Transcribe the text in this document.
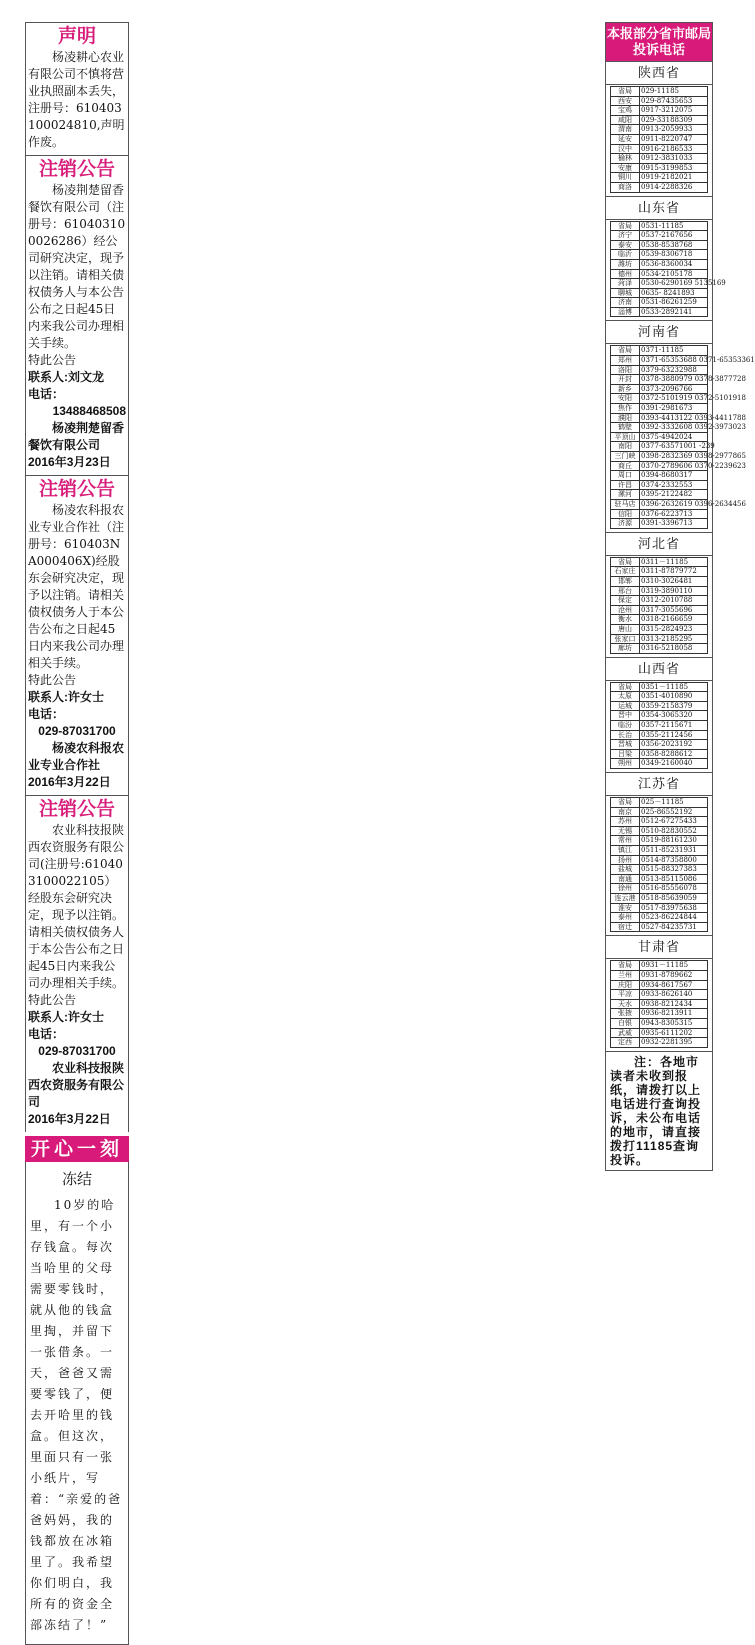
声明

杨凌耕心农业有限公司不慎将营业执照副本丢失，注册号：610403100024810,声明作废。

注销公告

杨凌荆楚留香餐饮有限公司（注册号：610403100026286）经公司研究决定，现予以注销。请相关债权债务人与本公告公布之日起45日内来我公司办理相关手续。

特此公告

联系人:刘文龙

电话：

13488468508

杨凌荆楚留香餐饮有限公司

2016年3月23日

注销公告

杨凌农科报农业专业合作社（注册号：610403NA000406X)经股东会研究决定，现予以注销。请相关债权债务人于本公告公布之日起45日内来我公司办理相关手续。

特此公告

联系人:许女士

电话：

029-87031700

杨凌农科报农业专业合作社

2016年3月22日

注销公告

农业科技报陕西农资服务有限公司(注册号:610403100022105）经股东会研究决定，现予以注销。请相关债权债务人于本公告公布之日起45日内来我公司办理相关手续。

特此公告

联系人:许女士

电话：

029-87031700

农业科技报陕西农资服务有限公司

2016年3月22日

开心一刻

冻结

10岁的哈里，有一个小存钱盒。每次当哈里的父母需要零钱时，就从他的钱盒里掏，并留下一张借条。一天，爸爸又需要零钱了，便去开哈里的钱盒。但这次，里面只有一张小纸片，写着：“亲爱的爸爸妈妈，我的钱都放在冰箱里了。我希望你们明白，我所有的资金全部冻结了！”

本报部分省市邮局投诉电话
陕西省
省局	029-11185
西安	029-87435653
宝鸡	0917-3212075
咸阳	029-33188309
渭南	0913-2059933
延安	0911-8220747
汉中	0916-2186533
榆林	0912-3831033
安康	0915-3199853
铜川	0919-2182021
商洛	0914-2288326
山东省
省局	0531-11185
济宁	0537-2167656
泰安	0538-8538768
临沂	0539-8306718
潍坊	0536-8360034
德州	0534-2105178
菏泽	0530-6290169 5135169
聊城	0635- 8241893
济南	0531-86261259
淄博	0533-2892141
河南省
省局	0371-11185
郑州	0371-65353688 0371-65353361
洛阳	0379-63232988
开封	0378-3880979 0378-3877728
新乡	0373-2096766
安阳	0372-5101919 0372-5101918
焦作	0391-2981673
濮阳	0393-4413122 0393-4411788
鹤壁	0392-3332608 0392-3973023
平顶山	0375-4942024
南阳	0377-63571001 -239
三门峡	0398-2832369 0398-2977865
商丘	0370-2789606 0370-2239623
周口	0394-8680317
许昌	0374-2332553
漯河	0395-2122482
驻马店	0396-2632619 0396-2634456
信阳	0376-6223713
济源	0391-3396713
河北省
省局	0311－11185
石家庄	0311-87879772
邯郸	0310-3026481
邢台	0319-3890110
保定	0312-2010788
沧州	0317-3055696
衡水	0318-2166659
唐山	0315-2824923
张家口	0313-2185295
廊坊	0316-5218058
山西省
省局	0351－11185
太原	0351-4010890
运城	0359-2158379
晋中	0354-3065320
临汾	0357-2115671
长治	0355-2112456
晋城	0356-2023192
吕梁	0358-8288612
朔州	0349-2160040
江苏省
省局	025－11185
南京	025-86552192
苏州	0512-67275433
无锡	0510-82830552
常州	0519-88161230
镇江	0511-85231931
扬州	0514-87358800
盐城	0515-88327383
南通	0513-85115086
徐州	0516-85556078
连云港	0518-85639059
淮安	0517-83975638
泰州	0523-86224844
宿迁	0527-84235731
甘肃省
省局	0931－11185
兰州	0931-8789662
庆阳	0934-8617567
平凉	0933-8626140
天水	0938-8212434
张掖	0936-8213911
白银	0943-8305315
武威	0935-6111202
定西	0932-2281395
注：各地市读者未收到报纸，请拨打以上电话进行查询投诉，未公布电话的地市，请直接拨打11185查询投诉。
